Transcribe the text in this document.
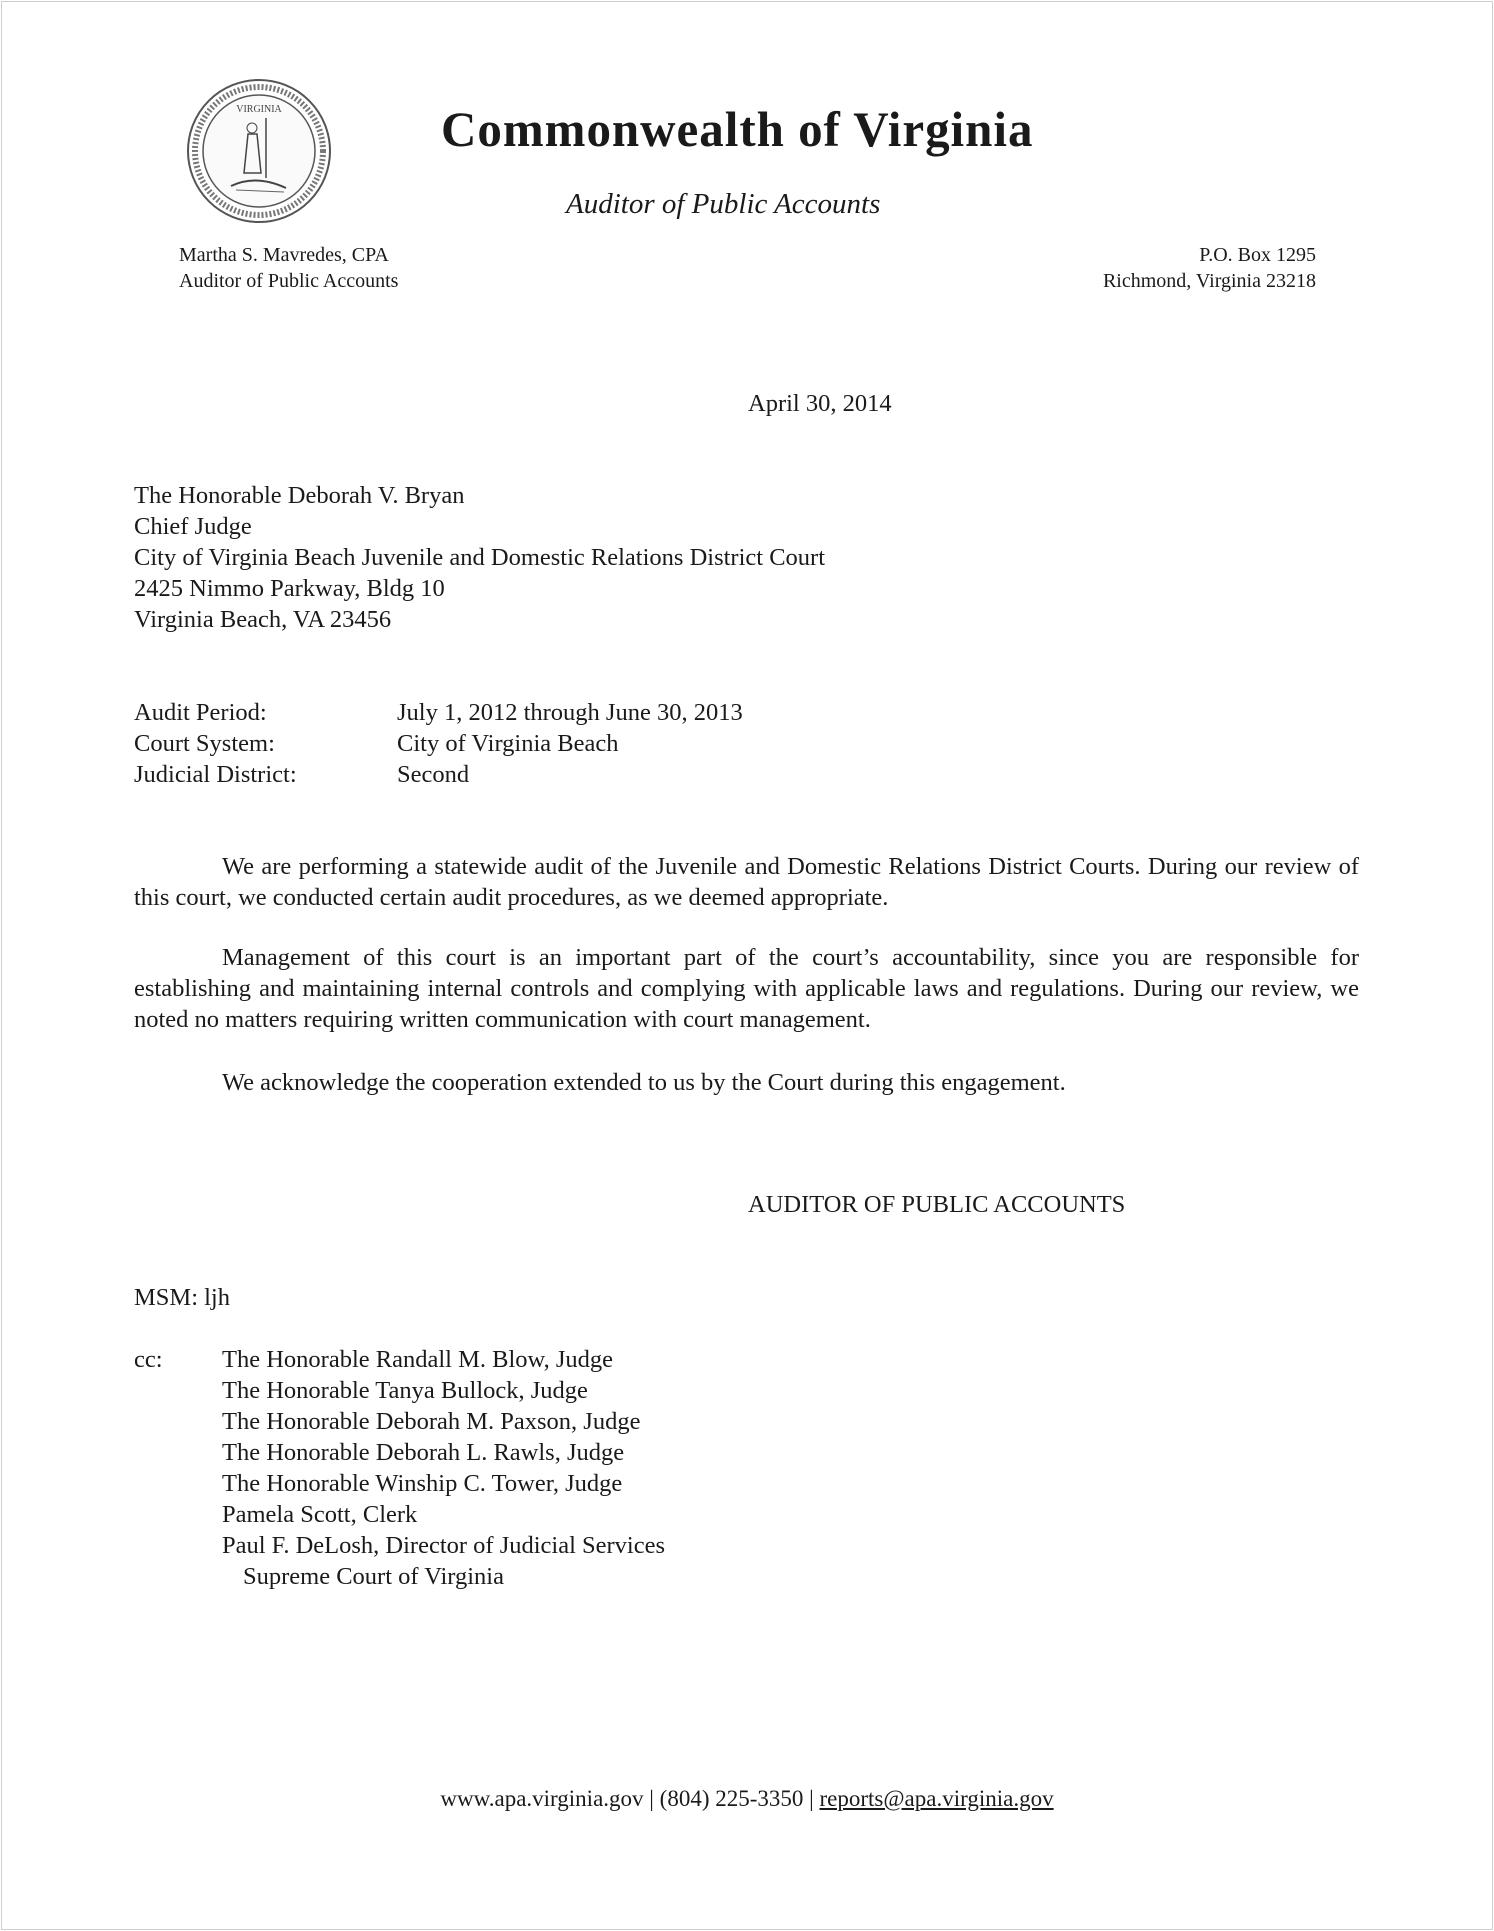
VIRGINIA	Commonwealth of Virginia
Auditor of Public Accounts
Martha S. Mavredes, CPA
Auditor of Public Accounts
P.O. Box 1295
Richmond, Virginia 23218
April 30, 2014
The Honorable Deborah V. Bryan
Chief Judge
City of Virginia Beach Juvenile and Domestic Relations District Court
2425 Nimmo Parkway, Bldg 10
Virginia Beach, VA 23456
Audit Period:	July 1, 2012 through June 30, 2013
Court System:	City of Virginia Beach
Judicial District:	Second
We are performing a statewide audit of the Juvenile and Domestic Relations District Courts. During our review of this court, we conducted certain audit procedures, as we deemed appropriate.
Management of this court is an important part of the court’s accountability, since you are responsible for establishing and maintaining internal controls and complying with applicable laws and regulations. During our review, we noted no matters requiring written communication with court management.
We acknowledge the cooperation extended to us by the Court during this engagement.
AUDITOR OF PUBLIC ACCOUNTS
MSM: ljh
cc: The Honorable Randall M. Blow, Judge
The Honorable Tanya Bullock, Judge
The Honorable Deborah M. Paxson, Judge
The Honorable Deborah L. Rawls, Judge
The Honorable Winship C. Tower, Judge
Pamela Scott, Clerk
Paul F. DeLosh, Director of Judicial Services
Supreme Court of Virginia
www.apa.virginia.gov | (804) 225-3350 | reports@apa.virginia.gov
